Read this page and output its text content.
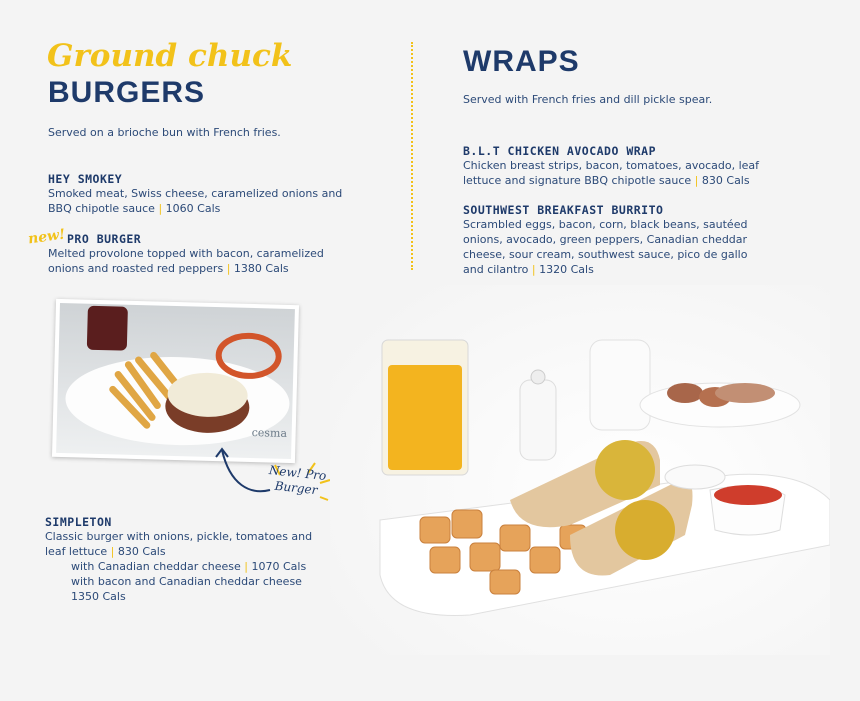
Ground chuck
BURGERS
Served on a brioche bun with French fries.
HEY SMOKEY
Smoked meat, Swiss cheese, caramelized onions and
BBQ chipotle sauce | 1060 Cals
new! PRO BURGER
Melted provolone topped with bacon, caramelized
onions and roasted red peppers | 1380 Cals
cesma
New! Pro
Burger
SIMPLETON
Classic burger with onions, pickle, tomatoes and
leaf lettuce | 830 Cals
with Canadian cheddar cheese | 1070 Cals
with bacon and Canadian cheddar cheese
1350 Cals
WRAPS
Served with French fries and dill pickle spear.
B.L.T CHICKEN AVOCADO WRAP
Chicken breast strips, bacon, tomatoes, avocado, leaf
lettuce and signature BBQ chipotle sauce | 830 Cals
SOUTHWEST BREAKFAST BURRITO
Scrambled eggs, bacon, corn, black beans, sautéed
onions, avocado, green peppers, Canadian cheddar
cheese, sour cream, southwest sauce, pico de gallo
and cilantro | 1320 Cals
